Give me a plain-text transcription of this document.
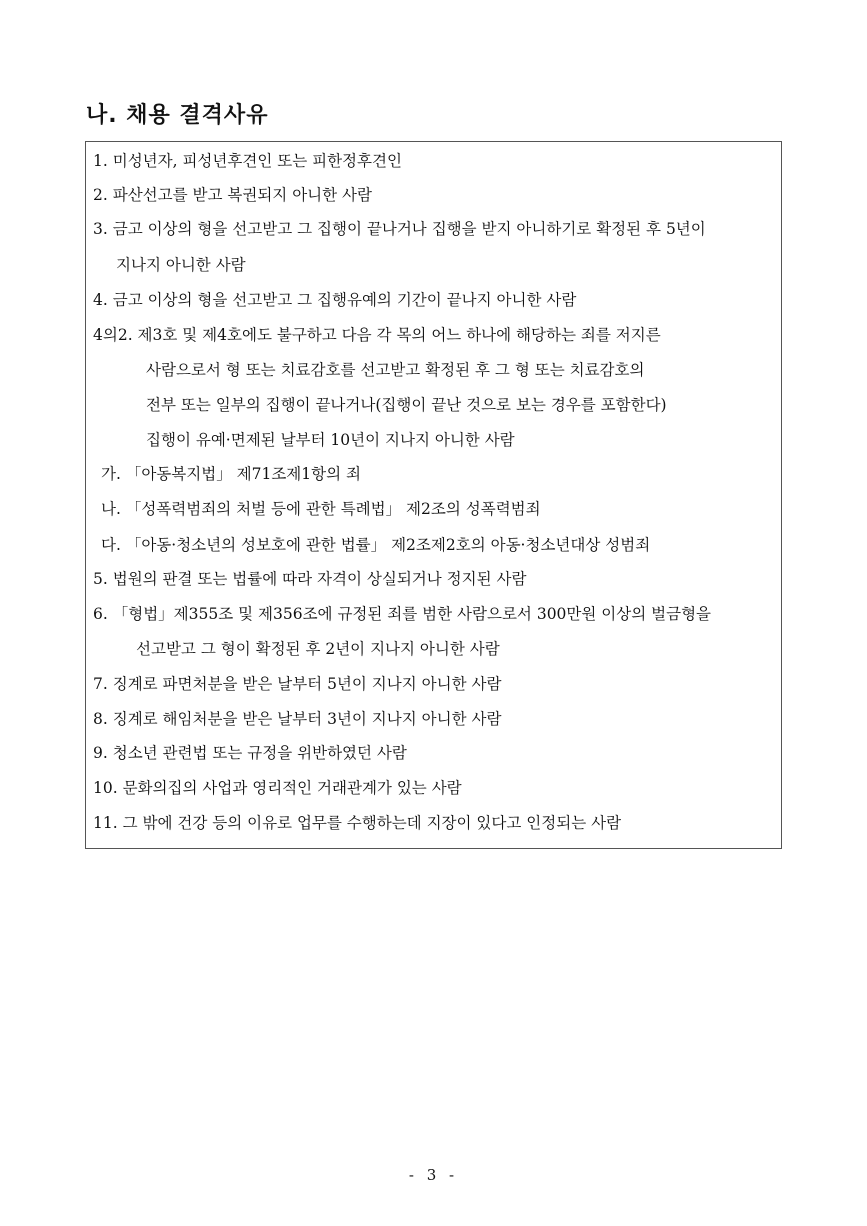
나. 채용 결격사유
1. 미성년자, 피성년후견인 또는 피한정후견인
2. 파산선고를 받고 복권되지 아니한 사람
3. 금고 이상의 형을 선고받고 그 집행이 끝나거나 집행을 받지 아니하기로 확정된 후 5년이
지나지 아니한 사람
4. 금고 이상의 형을 선고받고 그 집행유예의 기간이 끝나지 아니한 사람
4의2. 제3호 및 제4호에도 불구하고 다음 각 목의 어느 하나에 해당하는 죄를 저지른
사람으로서 형 또는 치료감호를 선고받고 확정된 후 그 형 또는 치료감호의
전부 또는 일부의 집행이 끝나거나(집행이 끝난 것으로 보는 경우를 포함한다)
집행이 유예·면제된 날부터 10년이 지나지 아니한 사람
가. 「아동복지법」 제71조제1항의 죄
나. 「성폭력범죄의 처벌 등에 관한 특례법」 제2조의 성폭력범죄
다. 「아동·청소년의 성보호에 관한 법률」 제2조제2호의 아동·청소년대상 성범죄
5. 법원의 판결 또는 법률에 따라 자격이 상실되거나 정지된 사람
6. 「형법」제355조 및 제356조에 규정된 죄를 범한 사람으로서 300만원 이상의 벌금형을
선고받고 그 형이 확정된 후 2년이 지나지 아니한 사람
7. 징계로 파면처분을 받은 날부터 5년이 지나지 아니한 사람
8. 징계로 해임처분을 받은 날부터 3년이 지나지 아니한 사람
9. 청소년 관련법 또는 규정을 위반하였던 사람
10. 문화의집의 사업과 영리적인 거래관계가 있는 사람
11. 그 밖에 건강 등의 이유로 업무를 수행하는데 지장이 있다고 인정되는 사람
- 3 -
